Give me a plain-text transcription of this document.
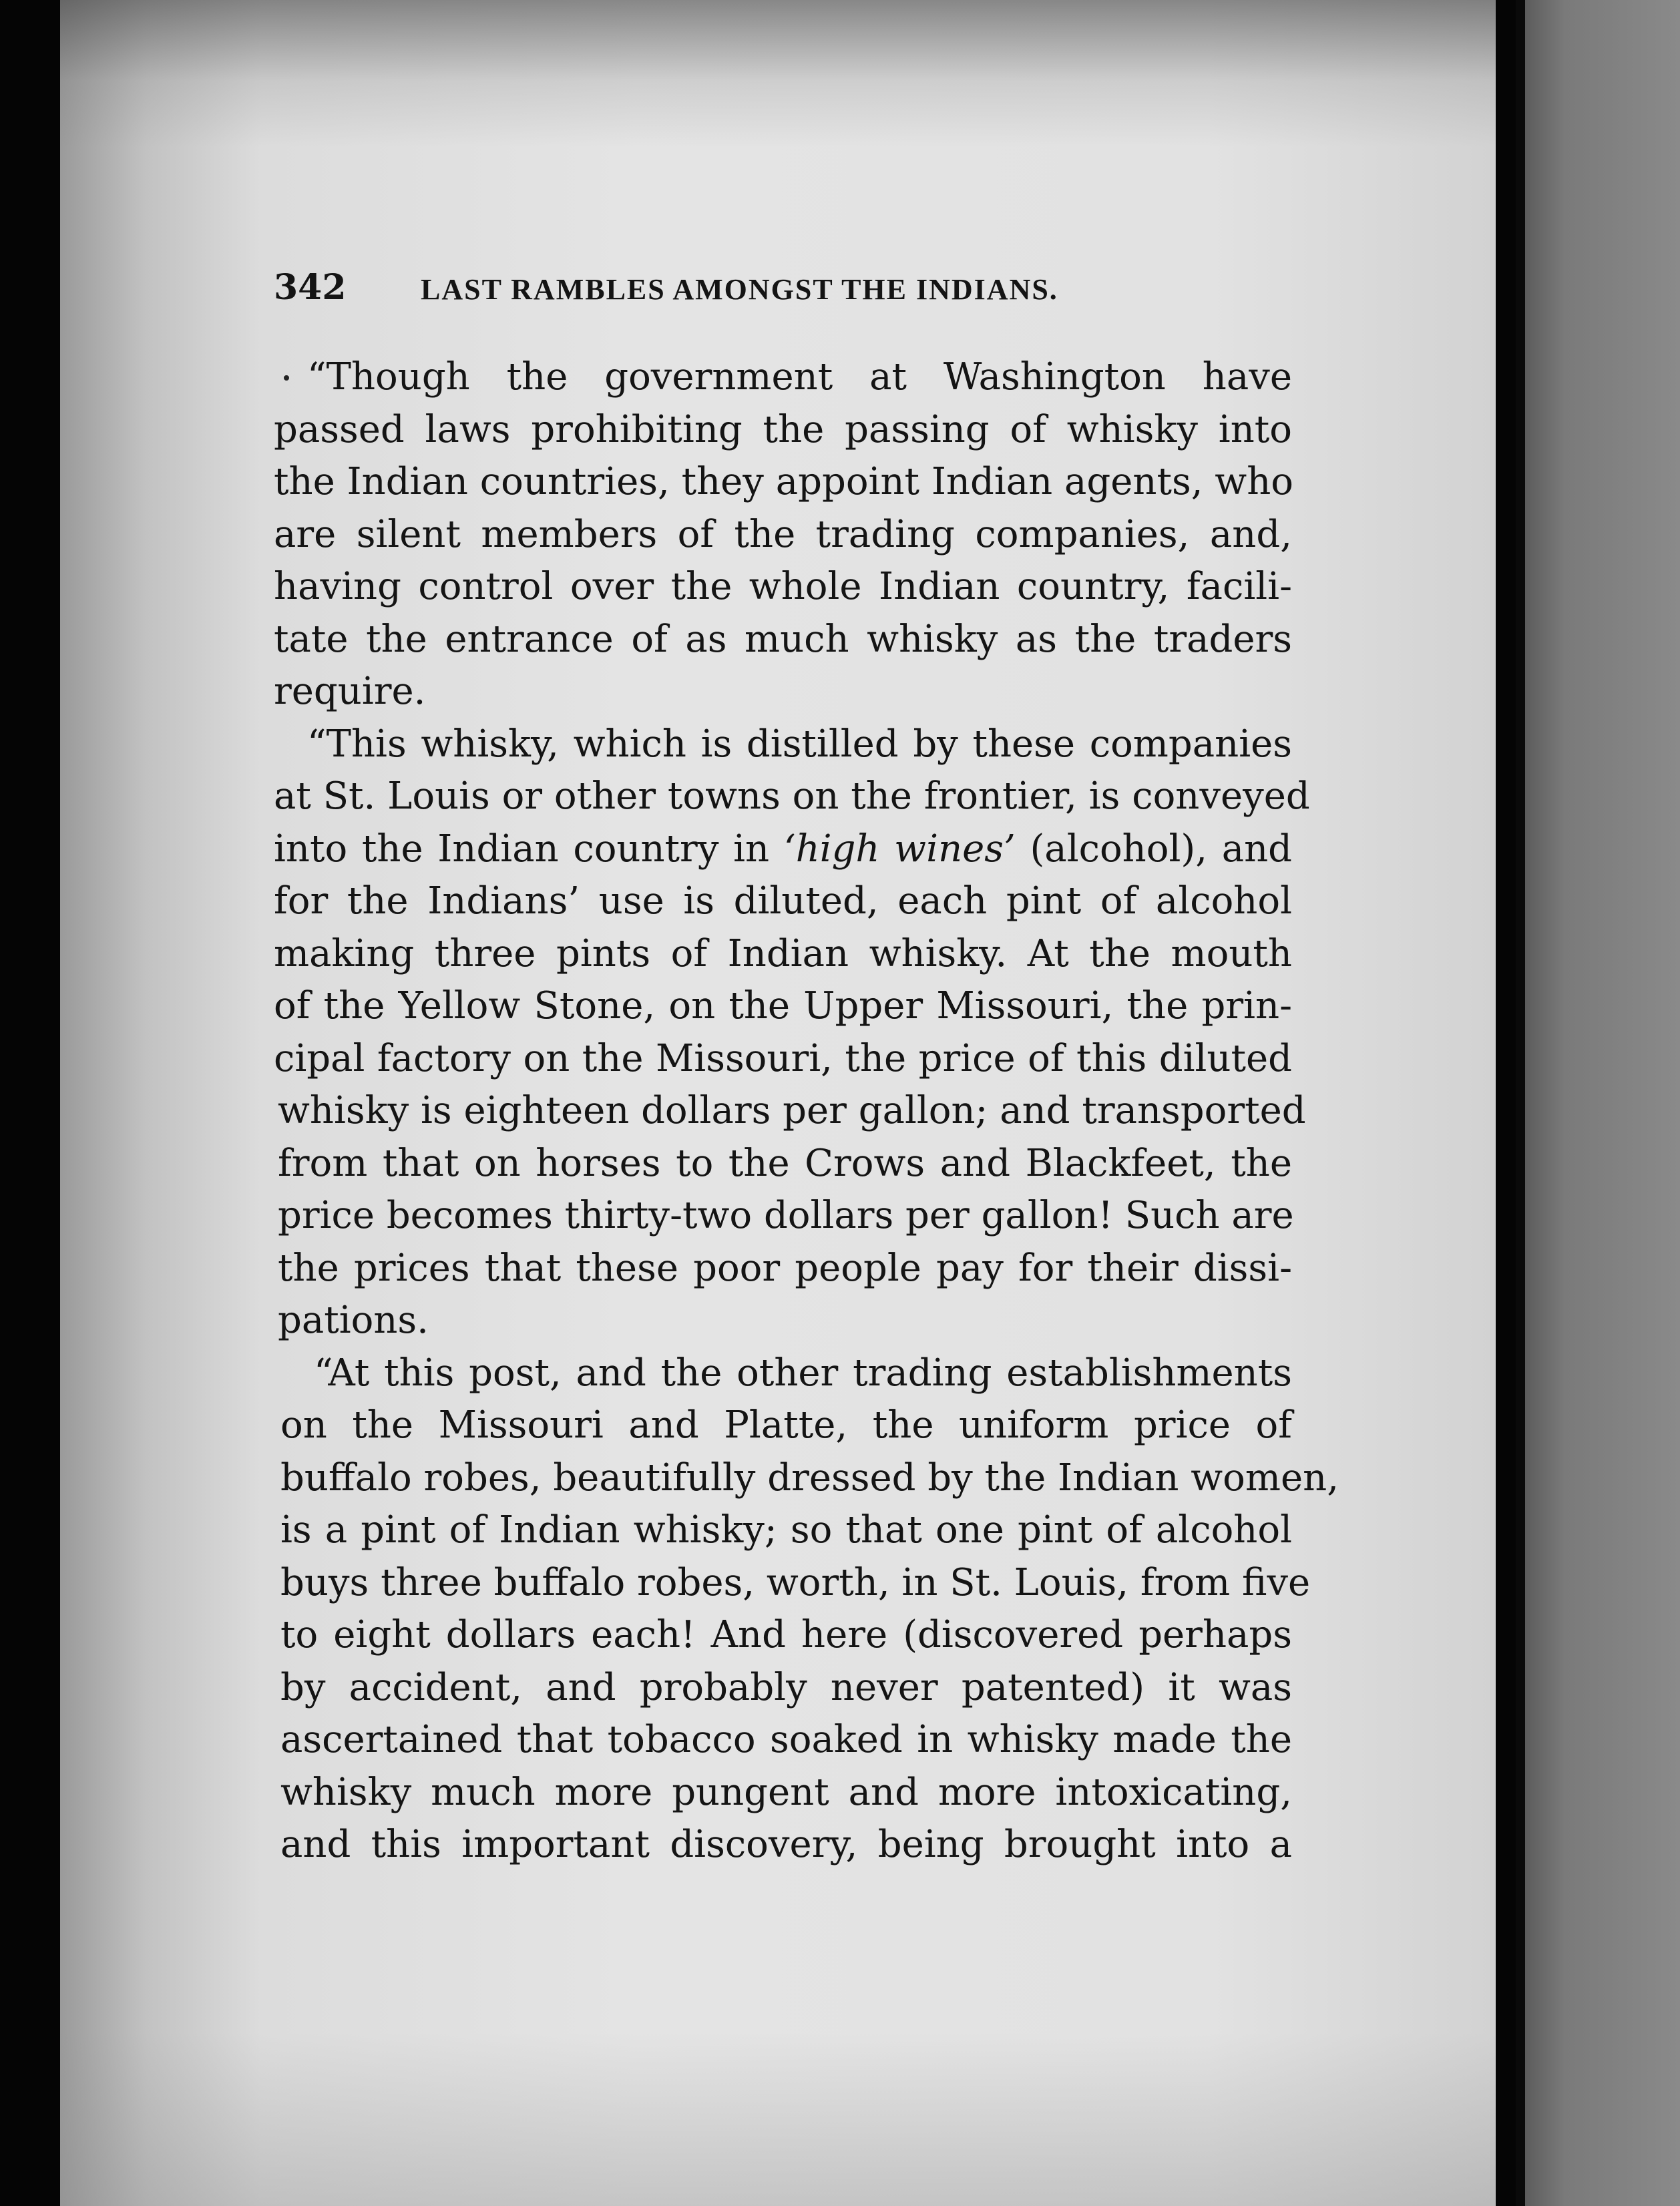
342	LAST RAMBLES AMONGST THE INDIANS.

“Though the government at Washington have
passed laws prohibiting the passing of whisky into
the Indian countries, they appoint Indian agents, who
are silent members of the trading companies, and,
having control over the whole Indian country, facili-
tate the entrance of as much whisky as the traders
require.

“This whisky, which is distilled by these companies
at St. Louis or other towns on the frontier, is conveyed
into the Indian country in ‘high wines’ (alcohol), and
for the Indians’ use is diluted, each pint of alcohol
making three pints of Indian whisky. At the mouth
of the Yellow Stone, on the Upper Missouri, the prin-
cipal factory on the Missouri, the price of this diluted
whisky is eighteen dollars per gallon; and transported
from that on horses to the Crows and Blackfeet, the
price becomes thirty-two dollars per gallon! Such are
the prices that these poor people pay for their dissi-
pations.

“At this post, and the other trading establishments
on the Missouri and Platte, the uniform price of
buffalo robes, beautifully dressed by the Indian women,
is a pint of Indian whisky; so that one pint of alcohol
buys three buffalo robes, worth, in St. Louis, from five
to eight dollars each! And here (discovered perhaps
by accident, and probably never patented) it was
ascertained that tobacco soaked in whisky made the
whisky much more pungent and more intoxicating,
and this important discovery, being brought into a
